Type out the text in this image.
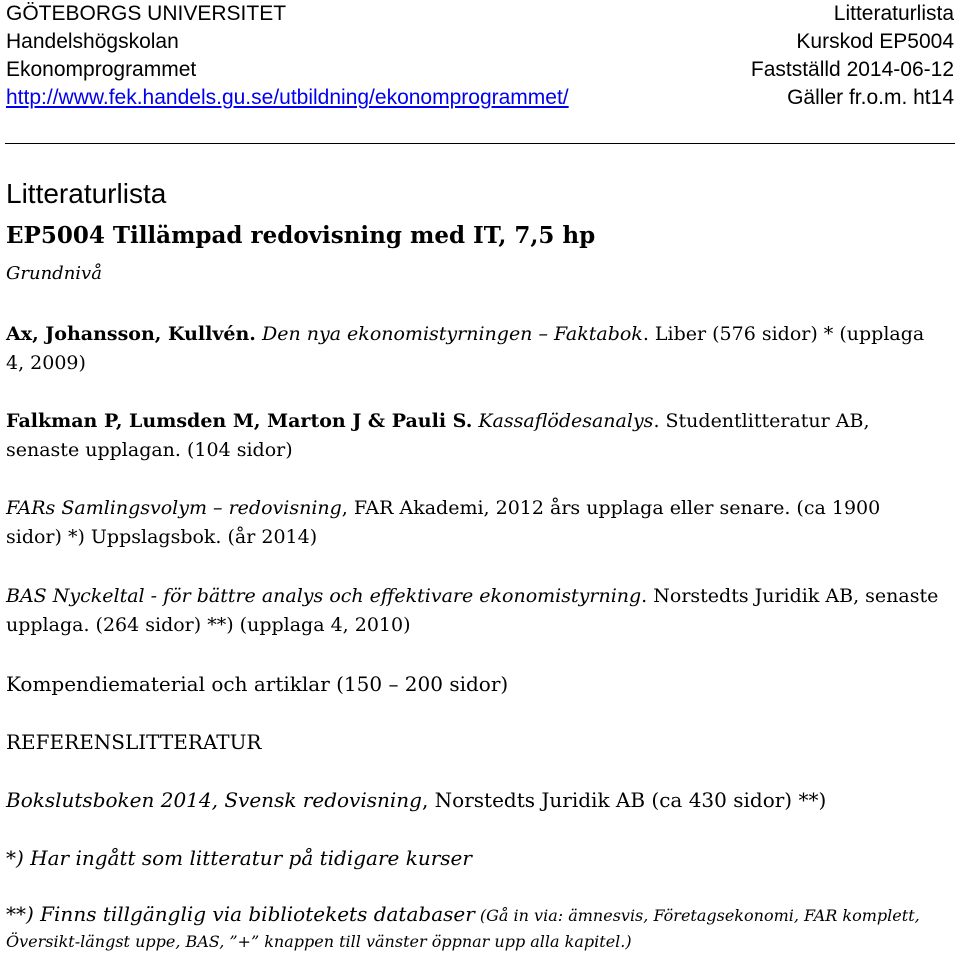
GÖTEBORGS UNIVERSITET
Handelshögskolan
Ekonomprogrammet
http://www.fek.handels.gu.se/utbildning/ekonomprogrammet/
Litteraturlista
Kurskod EP5004
Fastställd 2014-06-12
Gäller fr.o.m. ht14
Litteraturlista
EP5004 Tillämpad redovisning med IT, 7,5 hp
Grundnivå
Ax, Johansson, Kullvén. Den nya ekonomistyrningen – Faktabok. Liber (576 sidor) * (upplaga 4, 2009)
Falkman P, Lumsden M, Marton J & Pauli S. Kassaflödesanalys. Studentlitteratur AB, senaste upplagan. (104 sidor)
FARs Samlingsvolym – redovisning, FAR Akademi, 2012 års upplaga eller senare. (ca 1900 sidor) *) Uppslagsbok. (år 2014)
BAS Nyckeltal - för bättre analys och effektivare ekonomistyrning. Norstedts Juridik AB, senaste upplaga. (264 sidor) **) (upplaga 4, 2010)
Kompendiematerial och artiklar (150 – 200 sidor)
REFERENSLITTERATUR
Bokslutsboken 2014, Svensk redovisning, Norstedts Juridik AB (ca 430 sidor) **)
*) Har ingått som litteratur på tidigare kurser
**) Finns tillgänglig via bibliotekets databaser (Gå in via: ämnesvis, Företagsekonomi, FAR komplett, Översikt-längst uppe, BAS, ”+” knappen till vänster öppnar upp alla kapitel.)
